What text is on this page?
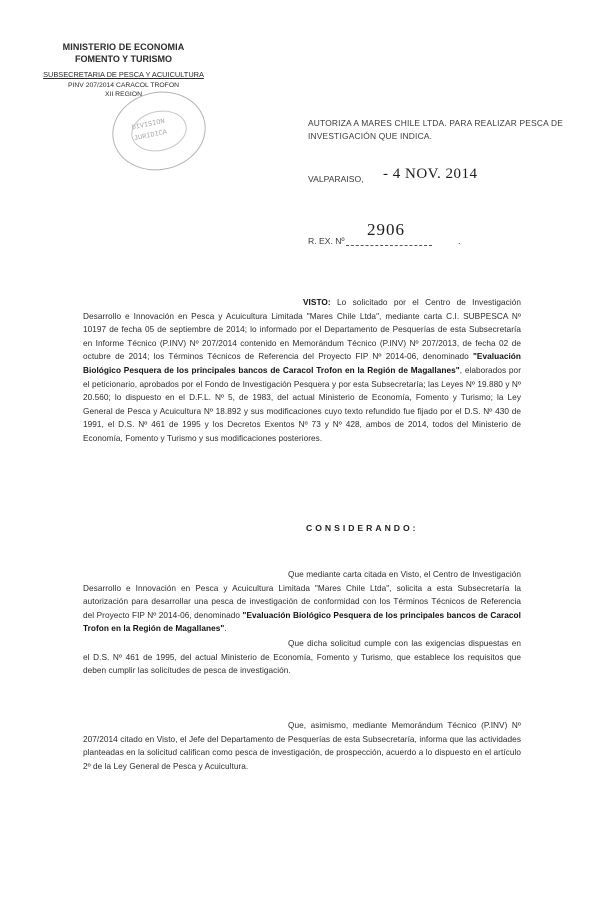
MINISTERIO DE ECONOMIA
FOMENTO Y TURISMO
SUBSECRETARIA DE PESCA Y ACUICULTURA
PINV 207/2014 CARACOL TROFON
XII REGION
DIVISION
JURIDICA
AUTORIZA A MARES CHILE LTDA. PARA REALIZAR PESCA DE INVESTIGACIÓN QUE INDICA.
VALPARAISO, - 4 NOV. 2014
R. EX. Nº
2906
.
VISTO: Lo solicitado por el Centro de Investigación Desarrollo e Innovación en Pesca y Acuicultura Limitada "Mares Chile Ltda", mediante carta C.I. SUBPESCA Nº 10197 de fecha 05 de septiembre de 2014; lo informado por el Departamento de Pesquerías de esta Subsecretaría en Informe Técnico (P.INV) Nº 207/2014 contenido en Memorándum Técnico (P.INV) Nº 207/2013, de fecha 02 de octubre de 2014; los Términos Técnicos de Referencia del Proyecto FIP Nº 2014-06, denominado "Evaluación Biológico Pesquera de los principales bancos de Caracol Trofon en la Región de Magallanes", elaborados por el peticionario, aprobados por el Fondo de Investigación Pesquera y por esta Subsecretaría; las Leyes Nº 19.880 y Nº 20.560; lo dispuesto en el D.F.L. Nº 5, de 1983, del actual Ministerio de Economía, Fomento y Turismo; la Ley General de Pesca y Acuicultura Nº 18.892 y sus modificaciones cuyo texto refundido fue fijado por el D.S. Nº 430 de 1991, el D.S. Nº 461 de 1995 y los Decretos Exentos Nº 73 y Nº 428, ambos de 2014, todos del Ministerio de Economía, Fomento y Turismo y sus modificaciones posteriores.
CONSIDERANDO:
Que mediante carta citada en Visto, el Centro de Investigación Desarrollo e Innovación en Pesca y Acuicultura Limitada "Mares Chile Ltda", solicita a esta Subsecretaría la autorización para desarrollar una pesca de investigación de conformidad con los Términos Técnicos de Referencia del Proyecto FIP Nº 2014-06, denominado "Evaluación Biológico Pesquera de los principales bancos de Caracol Trofon en la Región de Magallanes".
Que dicha solicitud cumple con las exigencias dispuestas en el D.S. Nº 461 de 1995, del actual Ministerio de Economía, Fomento y Turismo, que establece los requisitos que deben cumplir las solicitudes de pesca de investigación.
Que, asimismo, mediante Memorándum Técnico (P.INV) Nº 207/2014 citado en Visto, el Jefe del Departamento de Pesquerías de esta Subsecretaría, informa que las actividades planteadas en la solicitud califican como pesca de investigación, de prospección, acuerdo a lo dispuesto en el artículo 2º de la Ley General de Pesca y Acuicultura.
